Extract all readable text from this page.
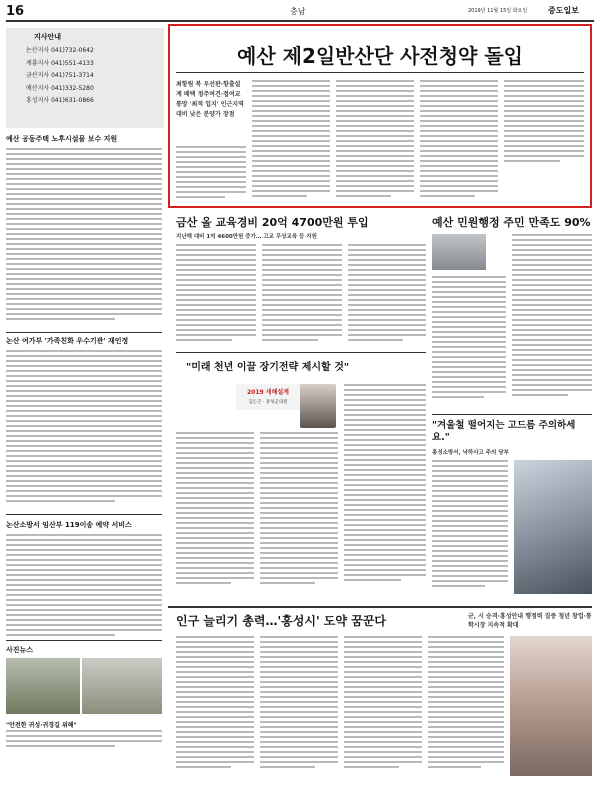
16	충남	2019년 11월 15일 화요일	중도일보
지사안내
논산지사 041)732-0642
계룡지사 041)551-4133
금산지사 041)751-3714
예산지사 041)332-5280
홍성지사 041)631-0866
예산 공동주택 노후시설물 보수 지원
논산 여가부 '가족친화 우수기관' 재인정
논산소방서 임산부 119이송 예약 서비스
사진뉴스
"안전한 귀성·귀경길 위해"
예산 제2일반산단 사전청약 돌입
최항림 북 우선판·항출설계 배택 정주여건·접여교통망 '최적 입지' 인근지역 대비 낮은 분양가 장점
금산 올 교육경비 20억 4700만원 투입
지난해 대비 1억 4600만원 증가… 고교 무상교육 등 지원
예산 민원행정 주민 만족도 90%
"미래 천년 이끌 장기전략 제시할 것"
2019 새해설계
김돈곤 · 홍성군의원
"겨울철 떨어지는 고드름 주의하세요."
홍성소방서, 낙하사고 주의 당부
인구 늘리기 총력…'홍성시' 도약 꿈꾼다	군, 시 승격·홍성안내 행정력 집중 청년 창업·통학시장 지속적 확대
